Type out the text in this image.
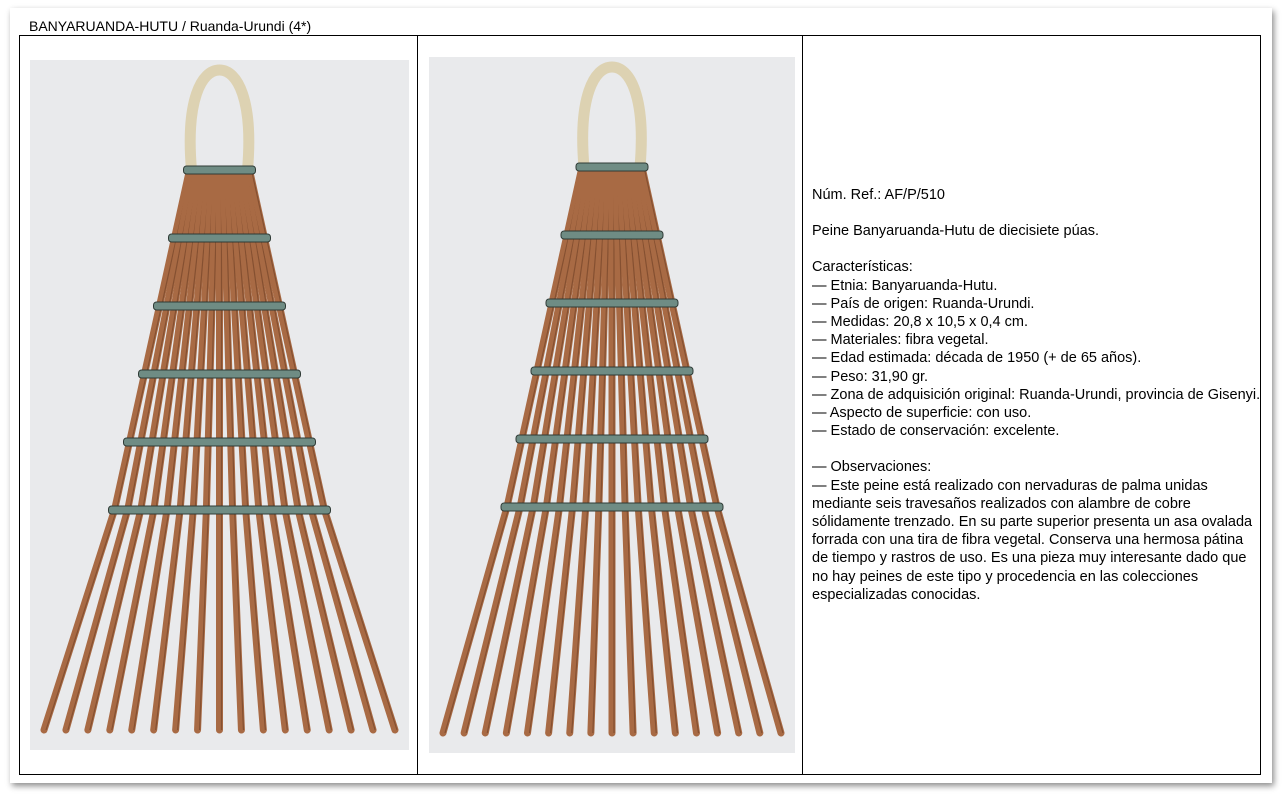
BANYARUANDA-HUTU / Ruanda-Urundi (4*)

Núm. Ref.: AF/P/510

Peine Banyaruanda-Hutu de diecisiete púas.

Características:

— Etnia: Banyaruanda-Hutu.

— País de origen: Ruanda-Urundi.

— Medidas: 20,8 x 10,5 x 0,4 cm.

— Materiales: fibra vegetal.

— Edad estimada: década de 1950 (+ de 65 años).

— Peso: 31,90 gr.

— Zona de adquisición original: Ruanda-Urundi, provincia de Gisenyi.

— Aspecto de superficie: con uso.

— Estado de conservación: excelente.

— Observaciones:

— Este peine está realizado con nervaduras de palma unidas mediante seis travesaños realizados con alambre de cobre sólidamente trenzado. En su parte superior presenta un asa ovalada forrada con una tira de fibra vegetal. Conserva una hermosa pátina de tiempo y rastros de uso. Es una pieza muy interesante dado que no hay peines de este tipo y procedencia en las colecciones especializadas conocidas.
